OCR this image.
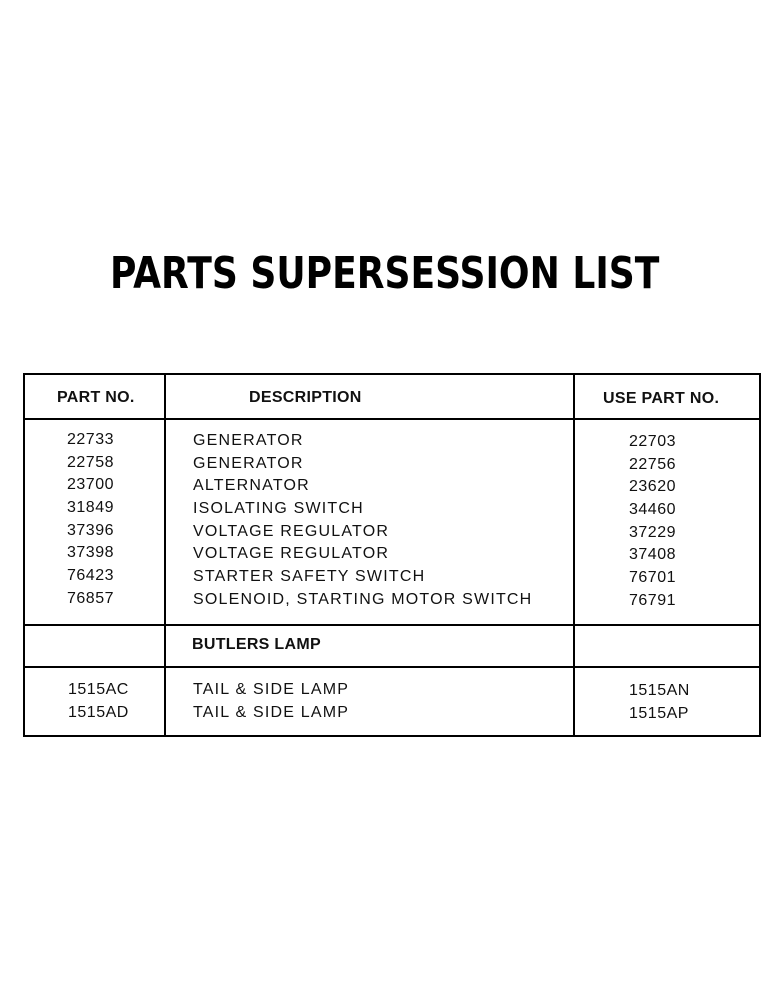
PARTS SUPERSESSION LIST
PART NO.	DESCRIPTION	USE PART NO.
22733
22758
23700
31849
37396
37398
76423
76857
GENERATOR
GENERATOR
ALTERNATOR
ISOLATING SWITCH
VOLTAGE REGULATOR
VOLTAGE REGULATOR
STARTER SAFETY SWITCH
SOLENOID, STARTING MOTOR SWITCH
22703
22756
23620
34460
37229
37408
76701
76791
BUTLERS LAMP
1515AC
1515AD
TAIL & SIDE LAMP
TAIL & SIDE LAMP
1515AN
1515AP
